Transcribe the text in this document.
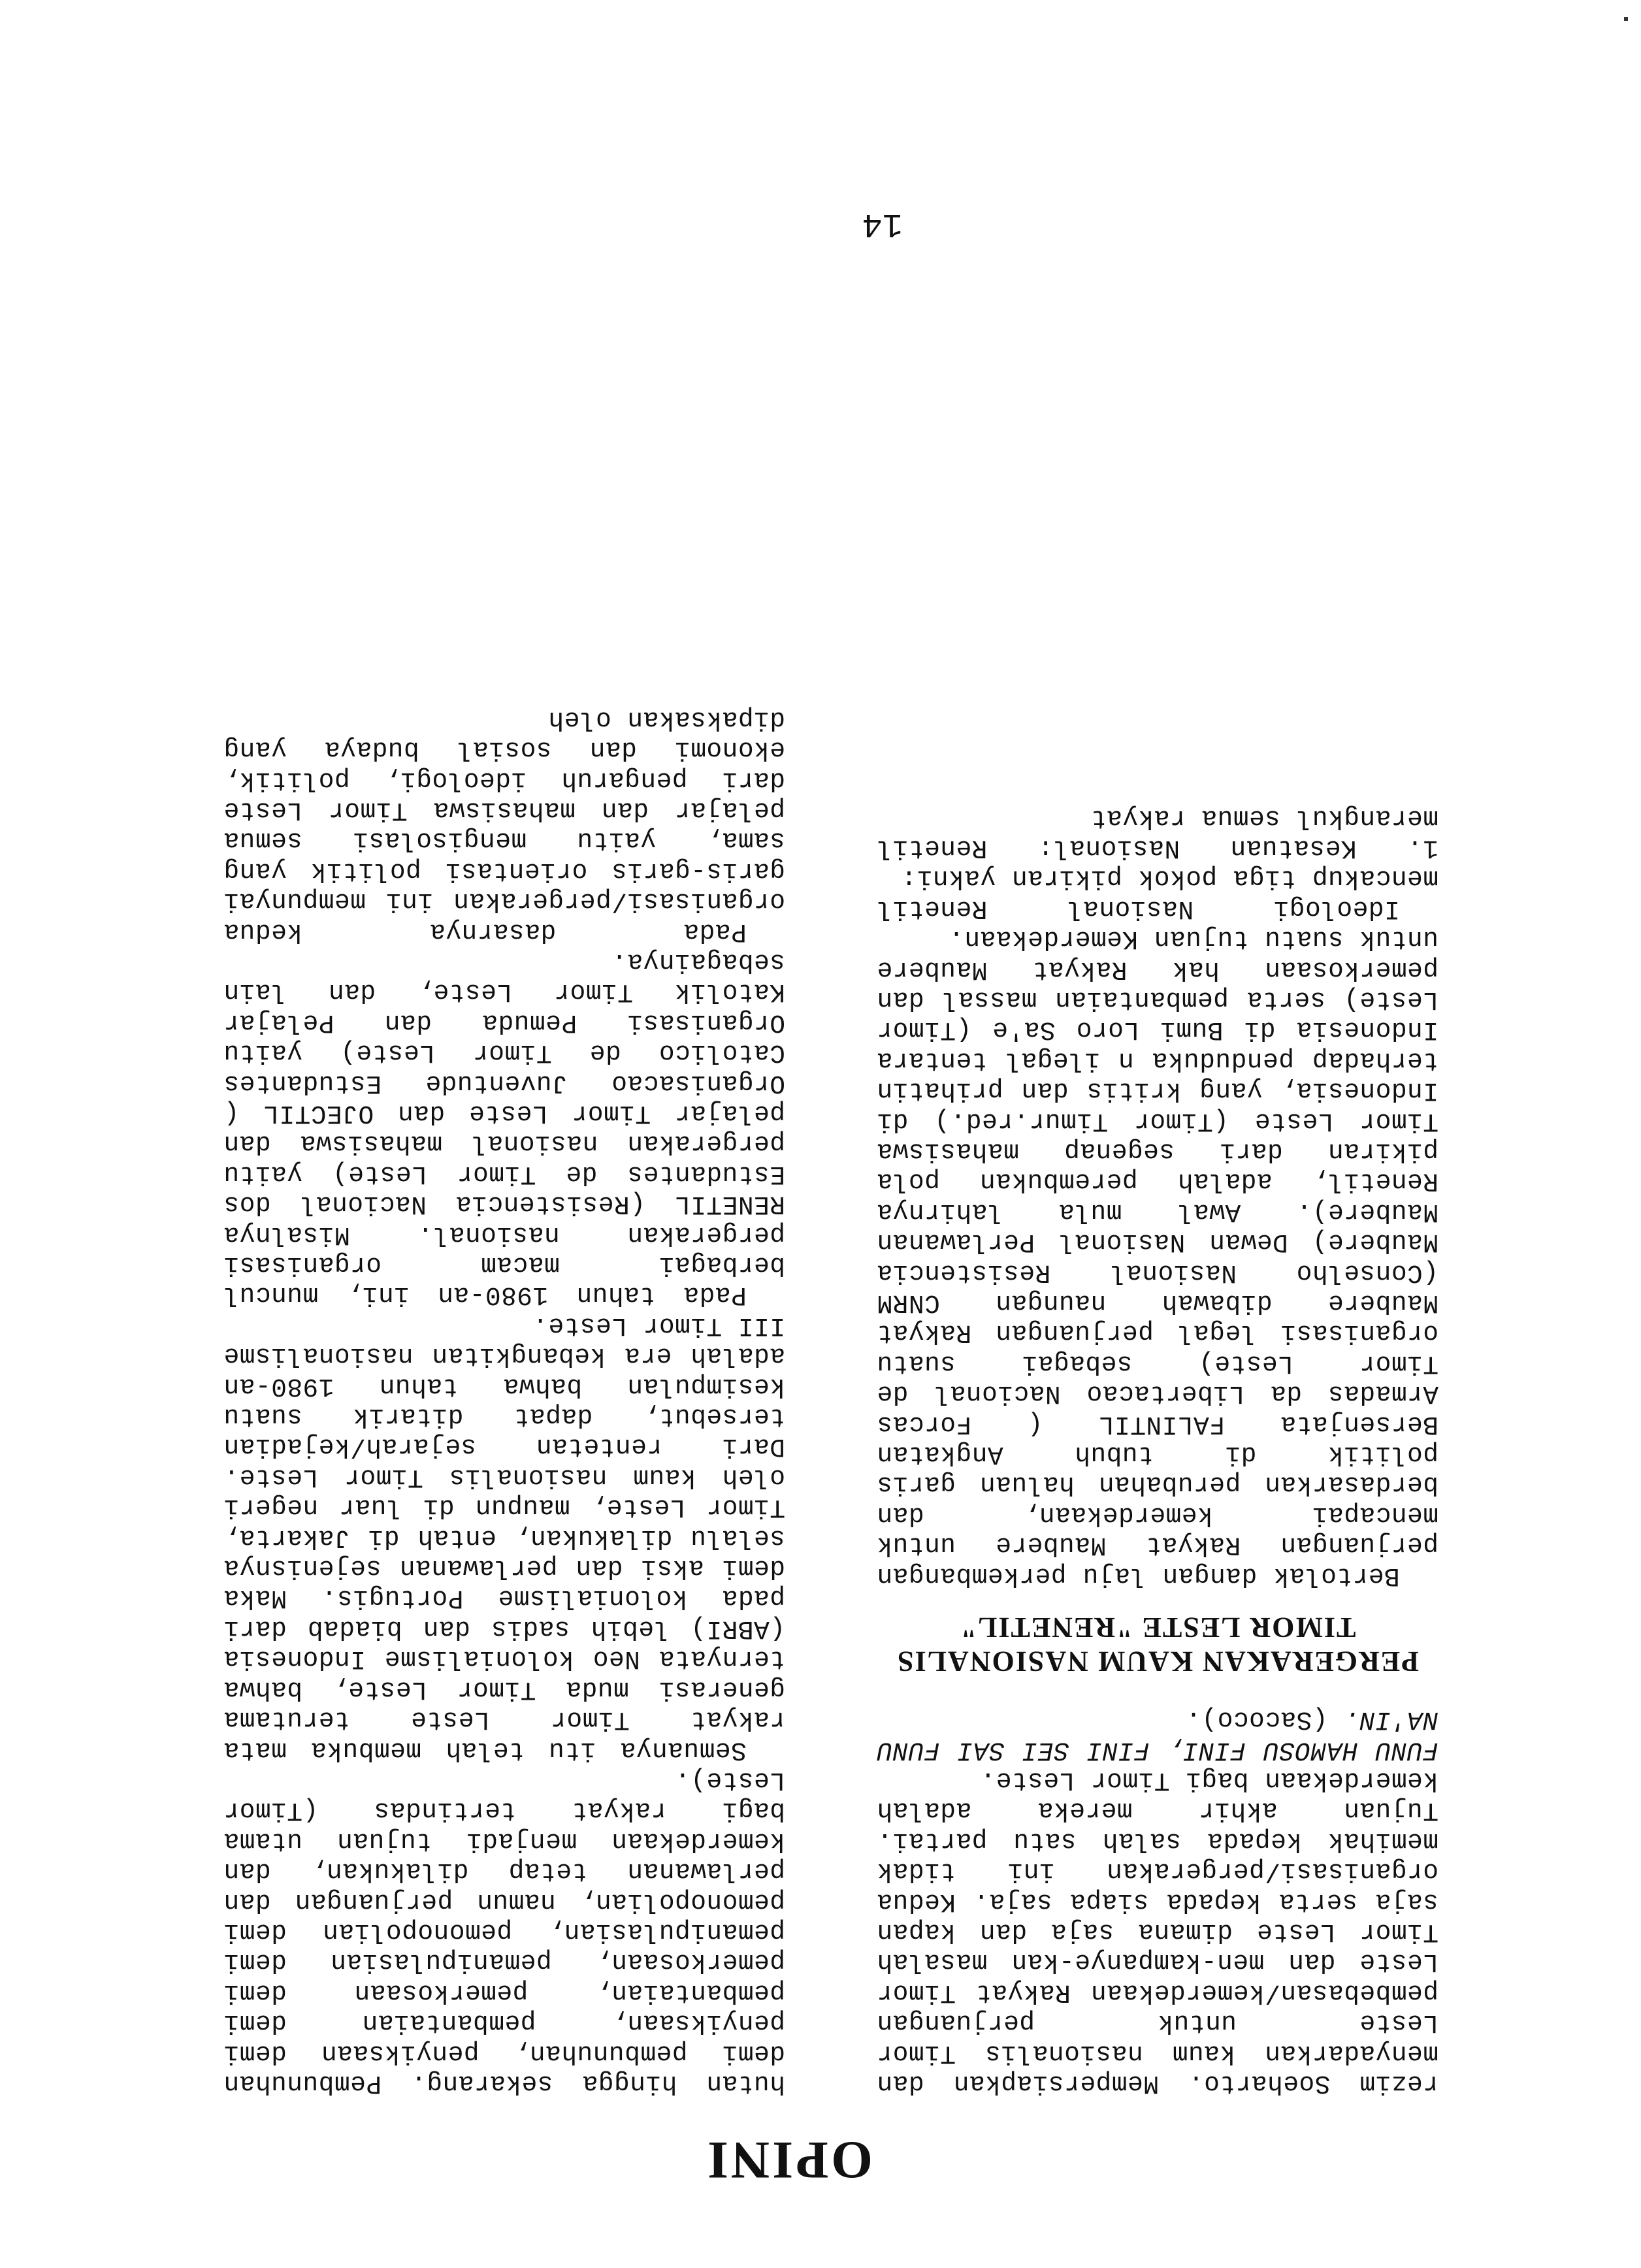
OPINI

rezim Soeharto. Mempersiapkan dan menyadarkan kaum nasionalis Timor Leste untuk perjuangan pembebasan/kemerdekaan Rakyat Timor Leste dan men-kampanye-kan masalah Timor Leste dimana saja dan kapan saja serta kepada siapa saja. Kedua organisasi/pergerakan ini tidak memihak kepada salah satu partai. Tujuan akhir mereka adalah kemerdekaan bagi Timor Leste.

FUNU HAMOSU FINI, FINI SEI SAI FUNU NA'IN. (Sacoco).

PERGERAKAN KAUM NASIONALIS TIMOR LESTE "RENETIL"

Bertolak dangan laju perkembangan perjuangan Rakyat Maubere untuk mencapai kemerdekaan, dan berdasarkan perubahan haluan garis politik di tubuh Angkatan Bersenjata FALINTIL ( Forcas Armadas da Libertacao Nacional de Timor Leste) sebagai suatu organisasi legal perjuangan Rakyat Maubere dibawah naungan CNRM (Conselho Nasional Resistencia Maubere) Dewan Nasional Perlawanan Maubere). Awal mula lahirnya Renetil, adalah perembukan pola pikiran dari segenap mahasiswa Timor Leste (Timor Timur.red.) di Indonesia, yang kritis dan prihatin terhadap penduduka n ilegal tentara Indonesia di Bumi Loro Sa'e (Timor Leste) serta pembantaian massal dan pemerkosaan hak Rakyat Maubere untuk suatu tujuan Kemerdekaan.

Ideologi Nasional Renetil mencakup tiga pokok pikiran yakni:

1. Kesatuan Nasional: Renetil merangkul semua rakyat

hutan hingga sekarang. Pembunuhan demi pembunuhan, penyiksaan demi penyiksaan, pembantaian demi pembantaian, pemerkosaan demi pemerkosaan, pemanipulasian demi pemanipulasian, pemonopolian demi pemonopolian, namun perjuangan dan perlawanan tetap dilakukan, dan kemerdekaan menjadi tujuan utama bagi rakyat tertindas (Timor Leste).

Semuanya itu telah membuka mata rakyat Timor Leste terutama generasi muda Timor Leste, bahwa ternyata Neo kolonialisme Indonesia (ABRI) lebih sadis dan biadab dari pada kolonialisme Portugis. Maka demi aksi dan perlawanan sejenisnya selalu dilakukan, entah di Jakarta, Timor Leste, maupun di luar negeri oleh kaum nasionalis Timor Leste. Dari rentetan sejarah/kejadian tersebut, dapat ditarik suatu kesimpulan bahwa tahun 1980-an adalah era kebangkitan nasionalisme III Timor Leste.

Pada tahun 1980-an ini, muncul berbagai macam organisasi pergerakan nasional. Misalnya RENETIL (Resistencia Nacional dos Estudantes de Timor Leste) yaitu pergerakan nasional mahasiswa dan pelajar Timor Leste dan OJECTIL ( Organisacao Juventude Estudantes Catolico de Timor Leste) yaitu Organisasi Pemuda dan Pelajar Katolik Timor Leste, dan lain sebagainya.

Pada dasarnya kedua organisasi/pergerakan ini mempunyai garis-garis orientasi politik yang sama, yaitu mengisolasi semua pelajar dan mahasiswa Timor Leste dari pengaruh ideologi, politik, ekonomi dan sosial budaya yang dipaksakan oleh

14
